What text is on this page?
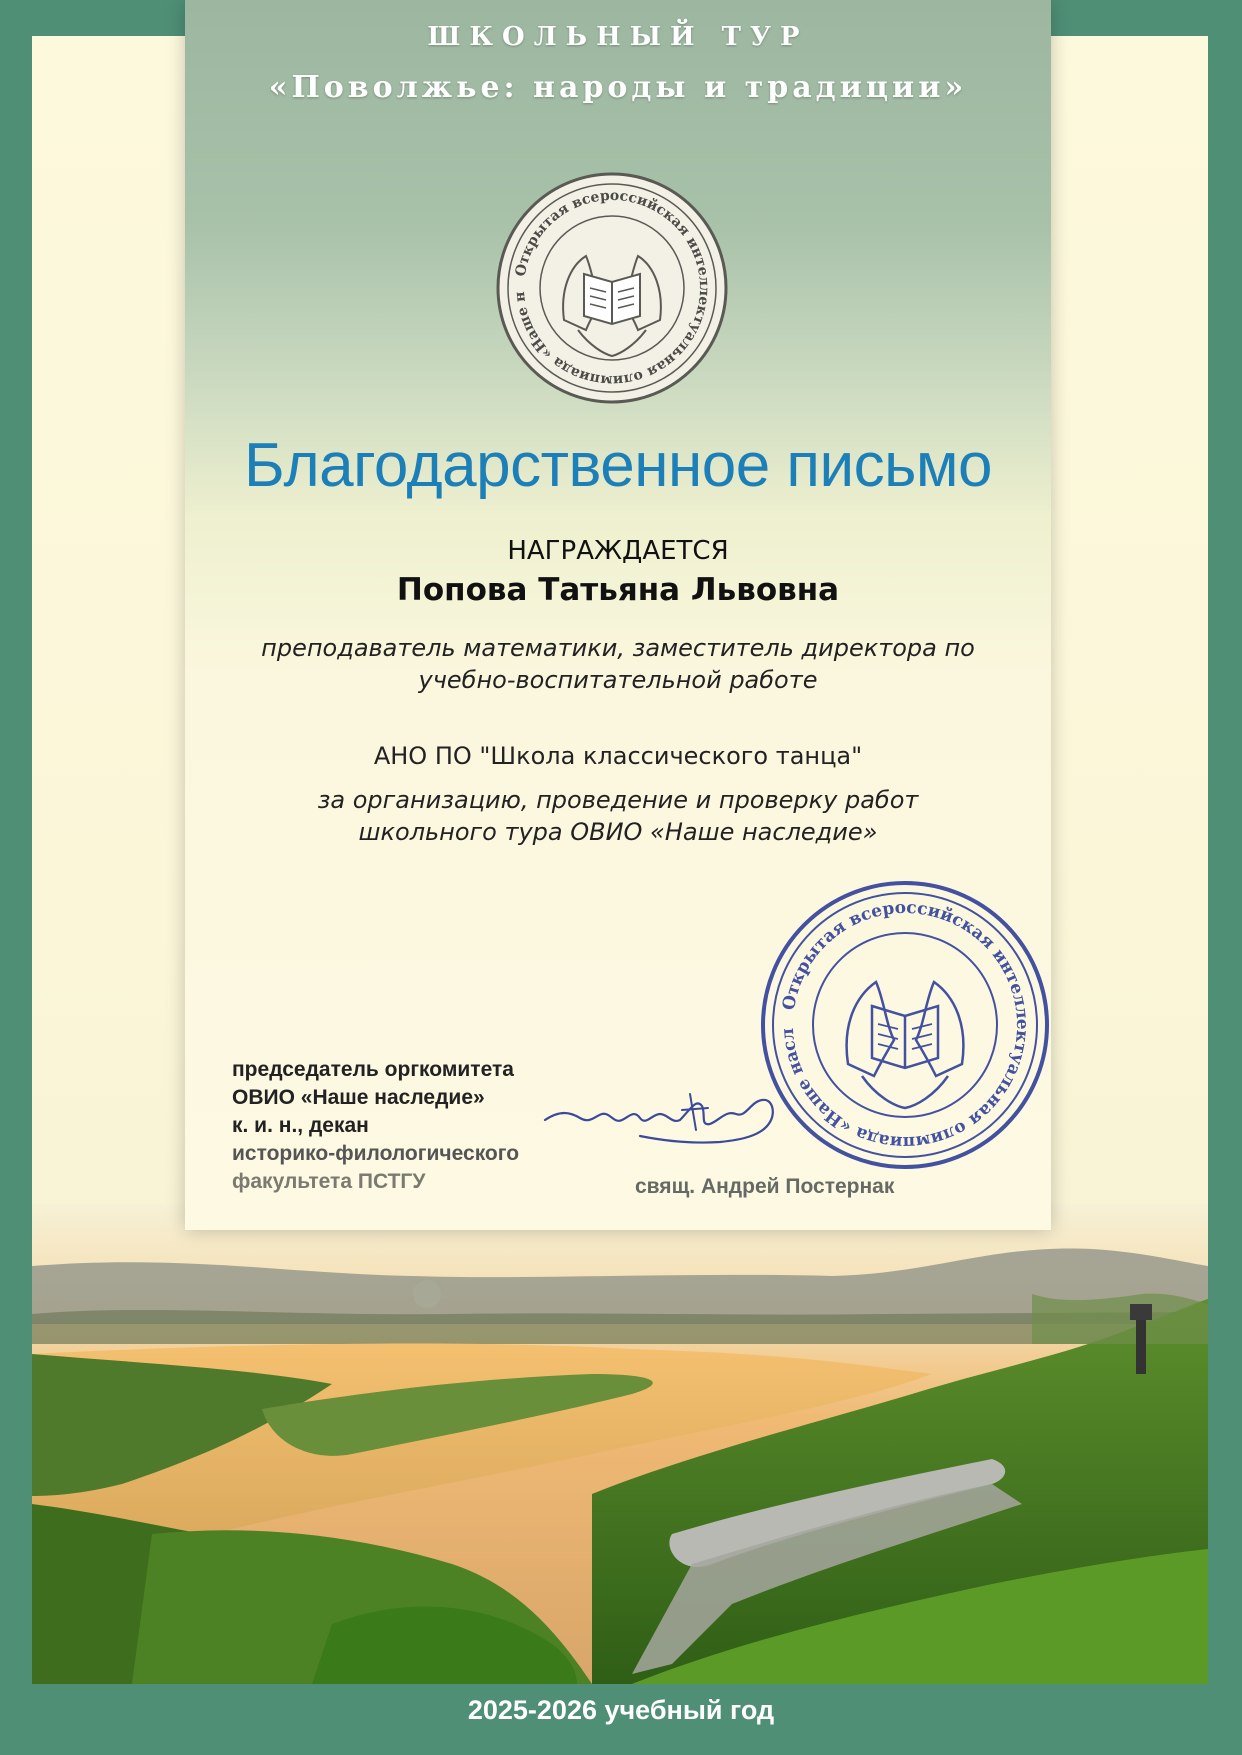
ШКОЛЬНЫЙ ТУР
«Поволжье: народы и традиции»
Открытая всероссийская интеллектуальная олимпиада «Наше н
Благодарственное письмо
НАГРАЖДАЕТСЯ
Попова Татьяна Львовна
преподаватель математики, заместитель директора по
учебно-воспитательной работе
АНО ПО "Школа классического танца"
за организацию, проведение и проверку работ
школьного тура ОВИО «Наше наследие»
председатель оргкомитета
ОВИО «Наше наследие»
к. и. н., декан
историко-филологического
факультета ПСТГУ
Открытая всероссийская интеллектуальная олимпиада «Наше насл
свящ. Андрей Постернак
2025-2026 учебный год
